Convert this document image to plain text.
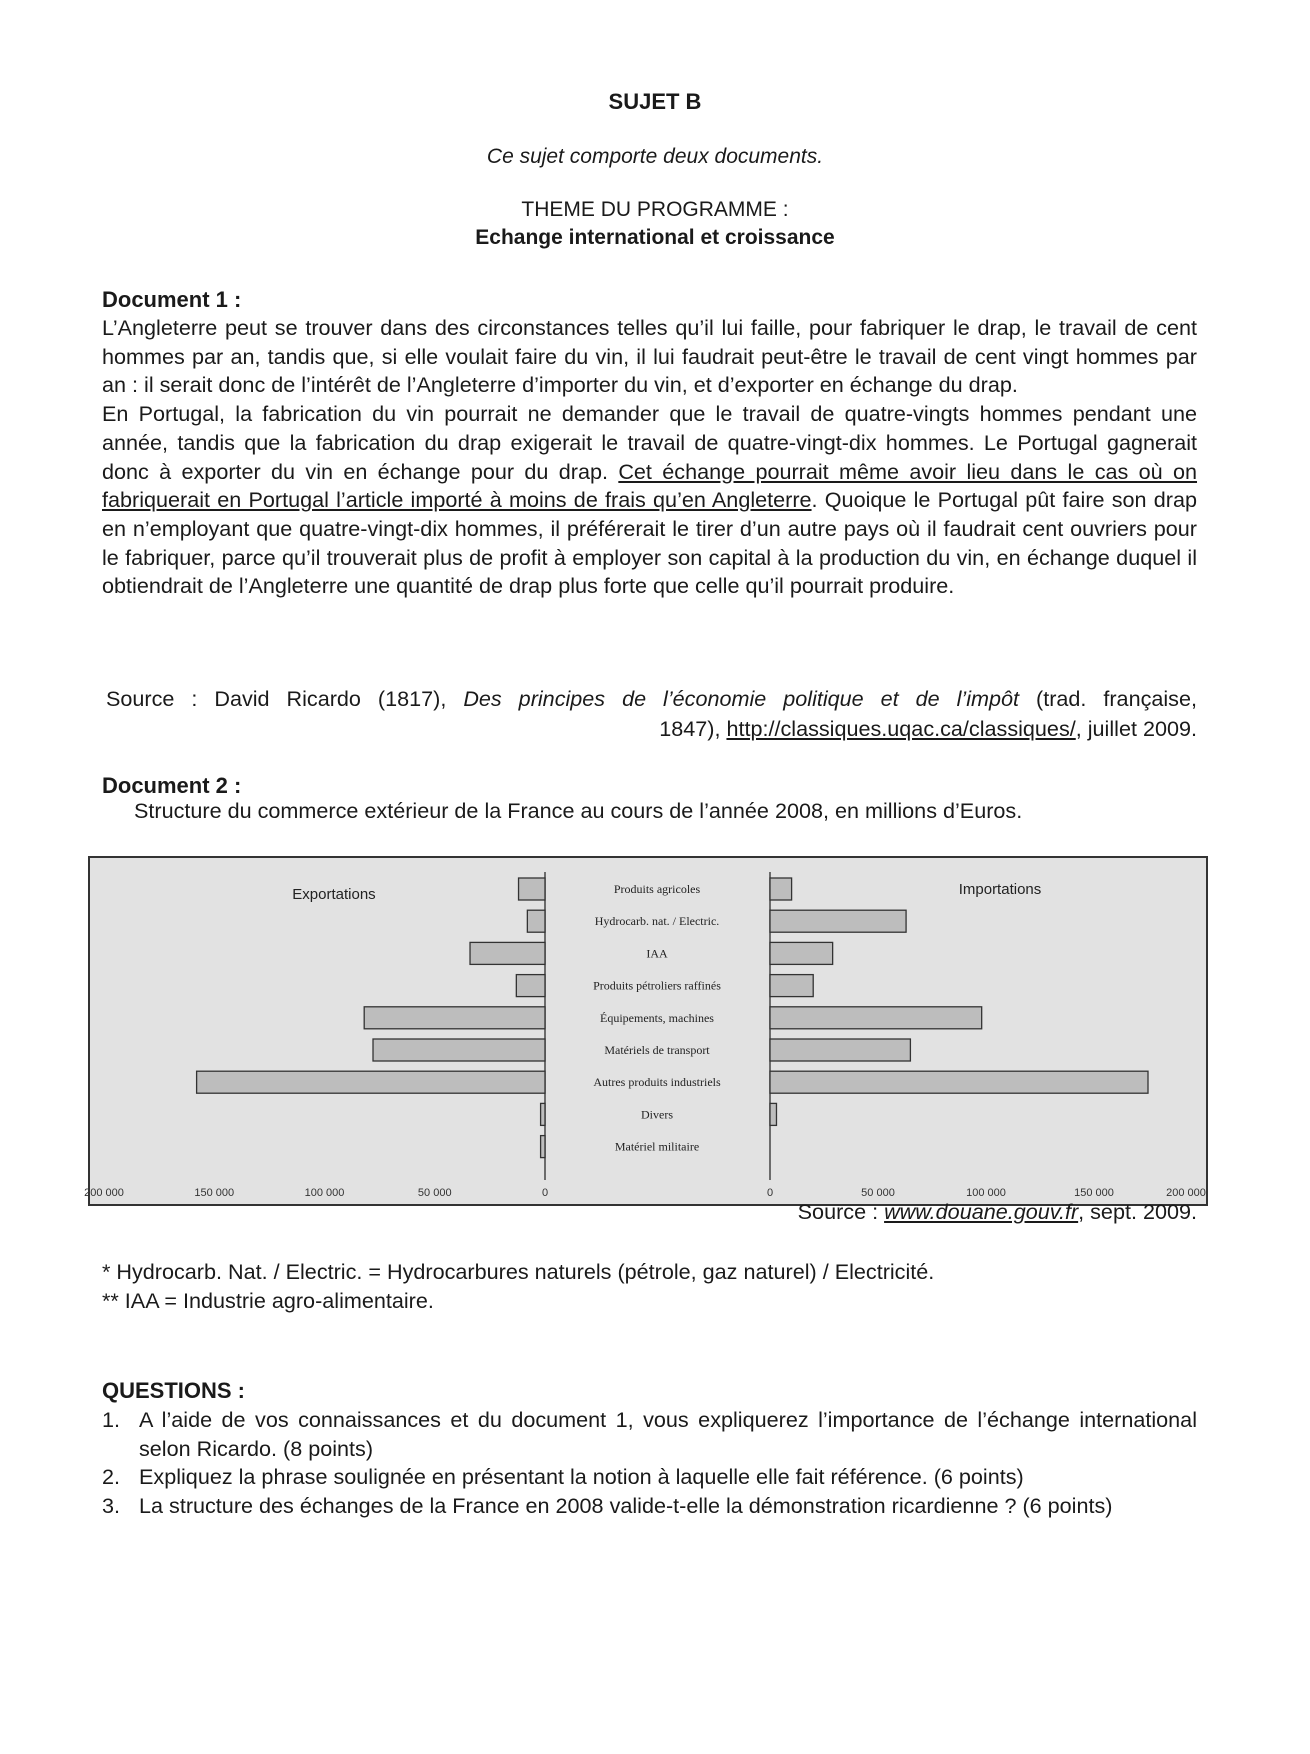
SUJET B
Ce sujet comporte deux documents.
THEME DU PROGRAMME :
Echange international et croissance
Document 1 :

L’Angleterre peut se trouver dans des circonstances telles qu’il lui faille, pour fabriquer le drap, le travail de cent hommes par an, tandis que, si elle voulait faire du vin, il lui faudrait peut-être le travail de cent vingt hommes par an : il serait donc de l’intérêt de l’Angleterre d’importer du vin, et d’exporter en échange du drap.

En Portugal, la fabrication du vin pourrait ne demander que le travail de quatre-vingts hommes pendant une année, tandis que la fabrication du drap exigerait le travail de quatre-vingt-dix hommes. Le Portugal gagnerait donc à exporter du vin en échange pour du drap. Cet échange pourrait même avoir lieu dans le cas où on fabriquerait en Portugal l’article importé à moins de frais qu’en Angleterre. Quoique le Portugal pût faire son drap en n’employant que quatre-vingt-dix hommes, il préférerait le tirer d’un autre pays où il faudrait cent ouvriers pour le fabriquer, parce qu’il trouverait plus de profit à employer son capital à la production du vin, en échange duquel il obtiendrait de l’Angleterre une quantité de drap plus forte que celle qu’il pourrait produire.

Source : David Ricardo (1817), Des principes de l’économie politique et de l’impôt (trad. française,
1847), http://classiques.uqac.ca/classiques/, juillet 2009.
Document 2 :
Structure du commerce extérieur de la France au cours de l’année 2008, en millions d’Euros.
Exportations	Importations
Produits agricoles
Hydrocarb. nat. / Electric.
IAA
Produits pétroliers raffinés
Équipements, machines
Matériels de transport
Autres produits industriels
Divers
Matériel militaire
200 000	150 000	100 000	50 000	0	0	50 000	100 000	150 000	200 000
Source : www.douane.gouv.fr, sept. 2009.
* Hydrocarb. Nat. / Electric. = Hydrocarbures naturels (pétrole, gaz naturel) / Electricité.
** IAA = Industrie agro-alimentaire.
QUESTIONS :
1. A l’aide de vos connaissances et du document 1, vous expliquerez l’importance de l’échange international selon Ricardo. (8 points)
2. Expliquez la phrase soulignée en présentant la notion à laquelle elle fait référence. (6 points)
3. La structure des échanges de la France en 2008 valide-t-elle la démonstration ricardienne ? (6 points)
